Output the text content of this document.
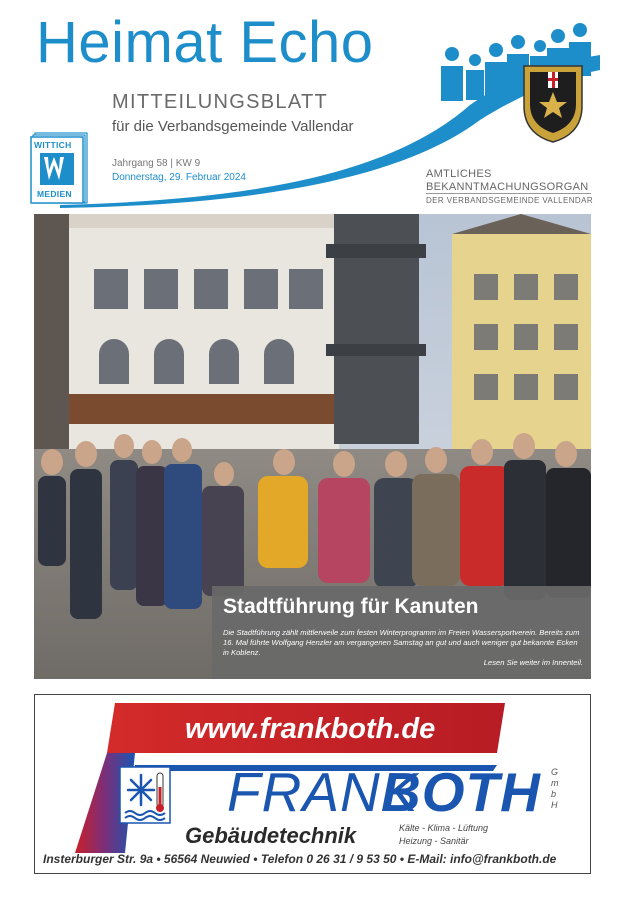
Heimat Echo
MITTEILUNGSBLATT
für die Verbandsgemeinde Vallendar
Jahrgang 58 | KW 9
Donnerstag, 29. Februar 2024	AMTLICHES
BEKANNTMACHUNGSORGAN
DER VERBANDSGEMEINDE VALLENDAR
WITTICH
MEDIEN
Stadtführung für Kanuten
Die Stadtführung zählt mittlerweile zum festen Winterprogramm im Freien Wassersportverein. Bereits zum 16. Mal führte Wolfgang Henzler am vergangenen Samstag an gut und auch weniger gut bekannte Ecken in Koblenz.
Lesen Sie weiter im Innenteil.
www.frankboth.de
FRANK
BOTH G
m
b
H
Gebäudetechnik	Kälte - Klima - Lüftung
Heizung - Sanitär
Insterburger Str. 9a • 56564 Neuwied • Telefon 0 26 31 / 9 53 50 • E-Mail: info@frankboth.de
